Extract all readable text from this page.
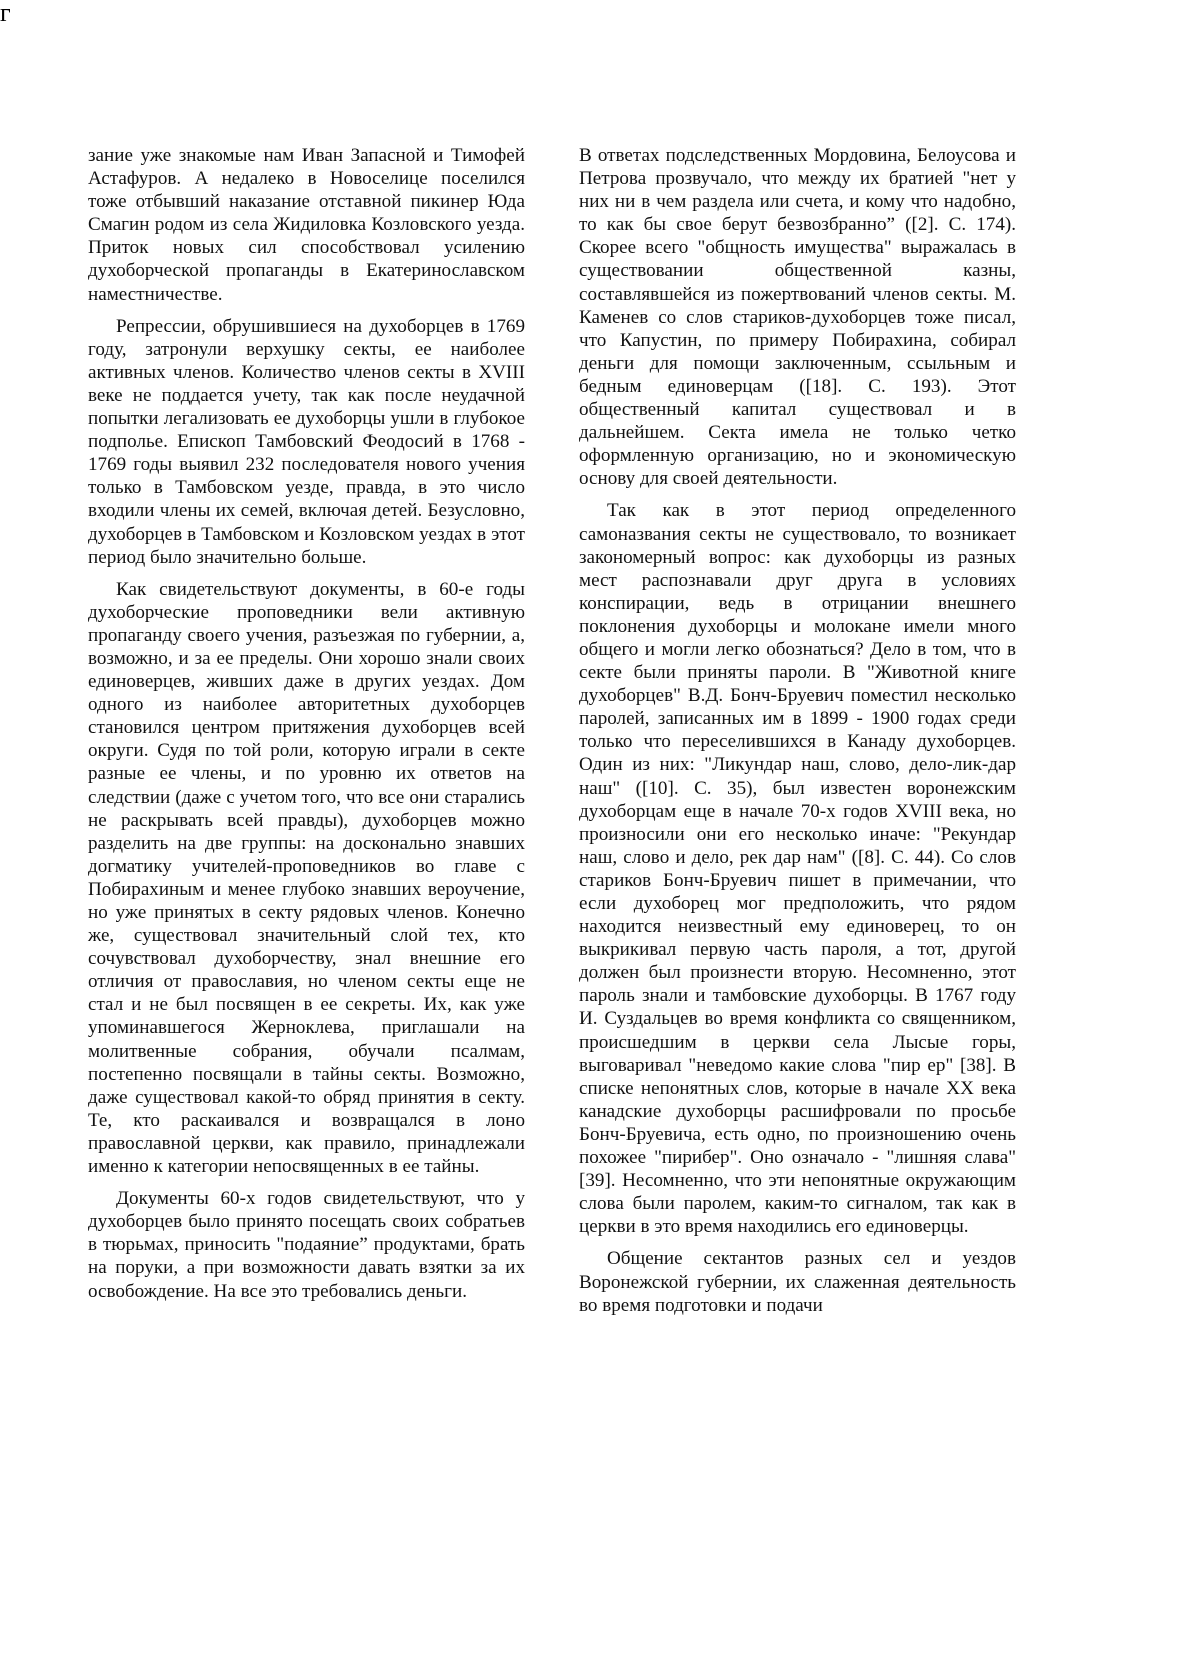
г

зание уже знакомые нам Иван Запасной и Тимофей Астафуров. А недалеко в Новоселице поселился тоже отбывший наказание отставной пикинер Юда Смагин родом из села Жидиловка Козловского уезда. Приток новых сил способствовал усилению духоборческой пропаганды в Екатеринославском наместничестве.

Репрессии, обрушившиеся на духоборцев в 1769 году, затронули верхушку секты, ее наиболее активных членов. Количество членов секты в XVIII веке не поддается учету, так как после неудачной попытки легализовать ее духоборцы ушли в глубокое подполье. Епископ Тамбовский Феодосий в 1768 - 1769 годы выявил 232 последователя нового учения только в Тамбовском уезде, правда, в это число входили члены их семей, включая детей. Безусловно, духоборцев в Тамбовском и Козловском уездах в этот период было значительно больше.

Как свидетельствуют документы, в 60-е годы духоборческие проповедники вели активную пропаганду своего учения, разъезжая по губернии, а, возможно, и за ее пределы. Они хорошо знали своих единоверцев, живших даже в других уездах. Дом одного из наиболее авторитетных духоборцев становился центром притяжения духоборцев всей округи. Судя по той роли, которую играли в секте разные ее члены, и по уровню их ответов на следствии (даже с учетом того, что все они старались не раскрывать всей правды), духоборцев можно разделить на две группы: на досконально знавших догматику учителей-проповедников во главе с Побирахиным и менее глубоко знавших вероучение, но уже принятых в секту рядовых членов. Конечно же, существовал значительный слой тех, кто сочувствовал духоборчеству, знал внешние его отличия от православия, но членом секты еще не стал и не был посвящен в ее секреты. Их, как уже упоминавшегося Жерноклева, приглашали на молитвенные собрания, обучали псалмам, постепенно посвящали в тайны секты. Возможно, даже существовал какой-то обряд принятия в секту. Те, кто раскаивался и возвращался в лоно православной церкви, как правило, принадлежали именно к категории непосвященных в ее тайны.

Документы 60-х годов свидетельствуют, что у духоборцев было принято посещать своих собратьев в тюрьмах, приносить "подаяние” продуктами, брать на поруки, а при возможности давать взятки за их освобождение. На все это требовались деньги.

В ответах подследственных Мордовина, Белоусова и Петрова прозвучало, что между их братией "нет у них ни в чем раздела или счета, и кому что надобно, то как бы свое берут безвозбранно” ([2]. С. 174). Скорее всего "общность имущества" выражалась в существовании общественной казны, составлявшейся из пожертвований членов секты. М. Каменев со слов стариков-духоборцев тоже писал, что Капустин, по примеру Побирахина, собирал деньги для помощи заключенным, ссыльным и бедным единоверцам ([18]. С. 193). Этот общественный капитал существовал и в дальнейшем. Секта имела не только четко оформленную организацию, но и экономическую основу для своей деятельности.

Так как в этот период определенного самоназвания секты не существовало, то возникает закономерный вопрос: как духоборцы из разных мест распознавали друг друга в условиях конспирации, ведь в отрицании внешнего поклонения духоборцы и молокане имели много общего и могли легко обознаться? Дело в том, что в секте были приняты пароли. В "Животной книге духоборцев" В.Д. Бонч-Бруевич поместил несколько паролей, записанных им в 1899 - 1900 годах среди только что переселившихся в Канаду духоборцев. Один из них: "Ликундар наш, слово, дело-лик-дар наш" ([10]. С. 35), был известен воронежским духоборцам еще в начале 70-х годов XVIII века, но произносили они его несколько иначе: "Рекундар наш, слово и дело, рек дар нам" ([8]. С. 44). Со слов стариков Бонч-Бруевич пишет в примечании, что если духоборец мог предположить, что рядом находится неизвестный ему единоверец, то он выкрикивал первую часть пароля, а тот, другой должен был произнести вторую. Несомненно, этот пароль знали и тамбовские духоборцы. В 1767 году И. Суздальцев во время конфликта со священником, происшедшим в церкви села Лысые горы, выговаривал "неведомо какие слова "пир ер" [38]. В списке непонятных слов, которые в начале XX века канадские духоборцы расшифровали по просьбе Бонч-Бруевича, есть одно, по произношению очень похожее "пирибер". Оно означало - "лишняя слава" [39]. Несомненно, что эти непонятные окружающим слова были паролем, каким-то сигналом, так как в церкви в это время находились его единоверцы.

Общение сектантов разных сел и уездов Воронежской губернии, их слаженная деятельность во время подготовки и подачи
